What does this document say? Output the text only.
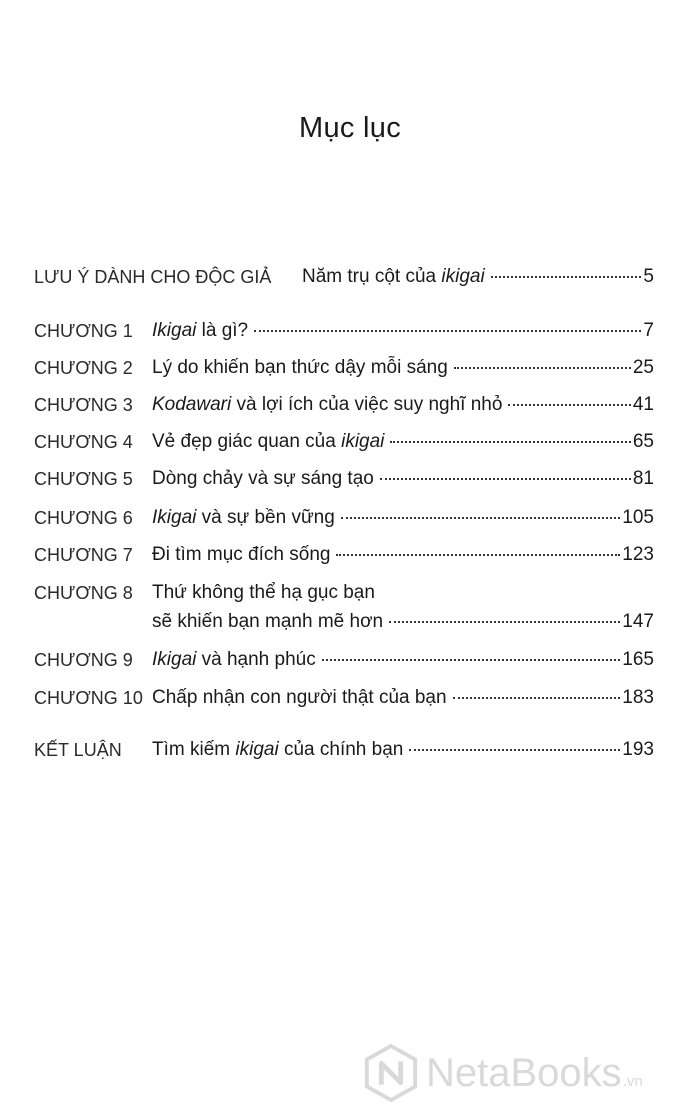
Mục lục
LƯU Ý DÀNH CHO ĐỘC GIẢ Năm trụ cột của ikigai	5
CHƯƠNG 1 Ikigai là gì?	7
CHƯƠNG 2 Lý do khiến bạn thức dậy mỗi sáng	25
CHƯƠNG 3 Kodawari và lợi ích của việc suy nghĩ nhỏ	41
CHƯƠNG 4 Vẻ đẹp giác quan của ikigai	65
CHƯƠNG 5 Dòng chảy và sự sáng tạo	81
CHƯƠNG 6 Ikigai và sự bền vững	105
CHƯƠNG 7 Đi tìm mục đích sống	123
CHƯƠNG 8 Thứ không thể hạ gục bạn
sẽ khiến bạn mạnh mẽ hơn	147
CHƯƠNG 9 Ikigai và hạnh phúc	165
CHƯƠNG 10 Chấp nhận con người thật của bạn	183
KẾT LUẬN Tìm kiếm ikigai của chính bạn	193
NetaBooks .vn
